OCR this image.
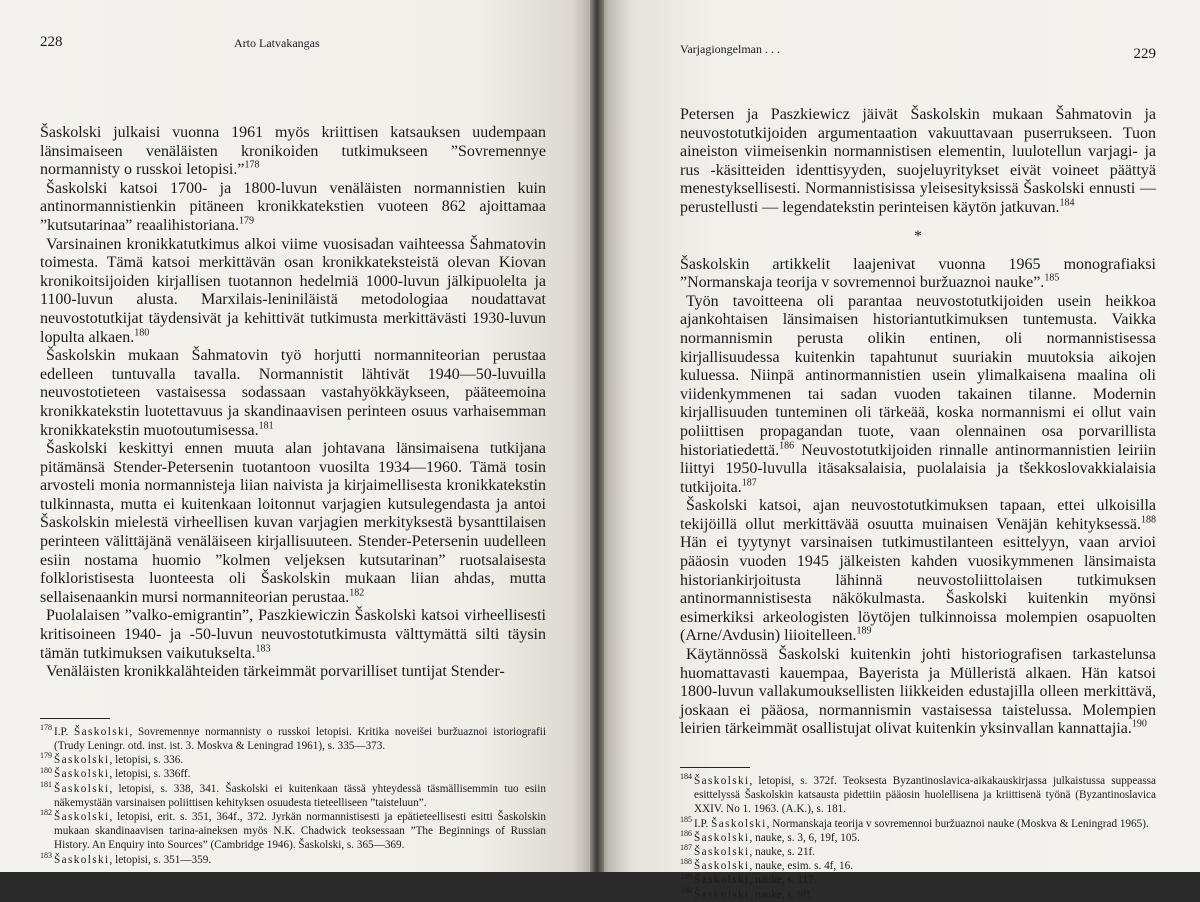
228	Arto Latvakangas

Šaskolski julkaisi vuonna 1961 myös kriittisen katsauksen uudempaan länsimaiseen venäläisten kronikoiden tutkimukseen ”Sovremennye normannisty o russkoi letopisi.”$^{178}$

Šaskolski katsoi 1700- ja 1800-luvun venäläisten normannistien kuin antinormannistienkin pitäneen kronikkatekstien vuoteen 862 ajoittamaa ”kutsutarinaa” reaalihistoriana.$^{179}$

Varsinainen kronikkatutkimus alkoi viime vuosisadan vaihteessa Šahmatovin toimesta. Tämä katsoi merkittävän osan kronikkateksteistä olevan Kiovan kronikoitsijoiden kirjallisen tuotannon hedelmiä 1000-luvun jälkipuolelta ja 1100-luvun alusta. Marxilais-leniniläistä metodologiaa noudattavat neuvostotutkijat täydensivät ja kehittivät tutkimusta merkittävästi 1930-luvun lopulta alkaen.$^{180}$

Šaskolskin mukaan Šahmatovin työ horjutti normanniteorian perustaa edelleen tuntuvalla tavalla. Normannistit lähtivät 1940—50-luvuilla neuvostotieteen vastaisessa sodassaan vastahyökkäykseen, pääteemoina kronikkatekstin luotettavuus ja skandinaavisen perinteen osuus varhaisemman kronikkatekstin muotoutumisessa.$^{181}$

Šaskolski keskittyi ennen muuta alan johtavana länsimaisena tutkijana pitämänsä Stender-Petersenin tuotantoon vuosilta 1934—1960. Tämä tosin arvosteli monia normannisteja liian naivista ja kirjaimellisesta kronikkatekstin tulkinnasta, mutta ei kuitenkaan loitonnut varjagien kutsulegendasta ja antoi Šaskolskin mielestä virheellisen kuvan varjagien merkityksestä bysanttilaisen perinteen välittäjänä venäläiseen kirjallisuuteen. Stender-Petersenin uudelleen esiin nostama huomio ”kolmen veljeksen kutsutarinan” ruotsalaisesta folkloristisesta luonteesta oli Šaskolskin mukaan liian ahdas, mutta sellaisenaankin mursi normanniteorian perustaa.$^{182}$

Puolalaisen ”valko-emigrantin”, Paszkiewiczin Šaskolski katsoi virheellisesti kritisoineen 1940- ja -50-luvun neuvostotutkimusta välttymättä silti täysin tämän tutkimuksen vaikutukselta.$^{183}$

Venäläisten kronikkalähteiden tärkeimmät porvarilliset tuntijat Stender-

$^{178}$ I.P. Šaskolski, Sovremennye normannisty o russkoi letopisi. Kritika noveišei buržuaznoi istoriografii (Trudy Leningr. otd. inst. ist. 3. Moskva & Leningrad 1961), s. 335—373.
$^{179}$ Šaskolski, letopisi, s. 336.
$^{180}$ Šaskolski, letopisi, s. 336ff.
$^{181}$ Šaskolski, letopisi, s. 338, 341. Šaskolski ei kuitenkaan tässä yhteydessä täsmällisemmin tuo esiin näkemystään varsinaisen poliittisen kehityksen osuudesta tieteelliseen ”taisteluun”.
$^{182}$ Šaskolski, letopisi, erit. s. 351, 364f., 372. Jyrkän normannistisesti ja epätieteellisesti esitti Šaskolskin mukaan skandinaavisen tarina-aineksen myös N.K. Chadwick teoksessaan ”The Beginnings of Russian History. An Enquiry into Sources” (Cambridge 1946). Šaskolski, s. 365—369.
$^{183}$ Šaskolski, letopisi, s. 351—359.
Varjagiongelman . . .	229

Petersen ja Paszkiewicz jäivät Šaskolskin mukaan Šahmatovin ja neuvostotutkijoiden argumentaation vakuuttavaan puserrukseen. Tuon aineiston viimeisenkin normannistisen elementin, luulotellun varjagi- ja rus -käsitteiden identtisyyden, suojeluyritykset eivät voineet päättyä menestyksellisesti. Normannistisissa yleisesityksissä Šaskolski ennusti — perustellusti — legendatekstin perinteisen käytön jatkuvan.$^{184}$

*

Šaskolskin artikkelit laajenivat vuonna 1965 monografiaksi ”Normanskaja teorija v sovremennoi buržuaznoi nauke”.$^{185}$

Työn tavoitteena oli parantaa neuvostotutkijoiden usein heikkoa ajankohtaisen länsimaisen historiantutkimuksen tuntemusta. Vaikka normannismin perusta olikin entinen, oli normannistisessa kirjallisuudessa kuitenkin tapahtunut suuriakin muutoksia aikojen kuluessa. Niinpä antinormannistien usein ylimalkaisena maalina oli viidenkymmenen tai sadan vuoden takainen tilanne. Modernin kirjallisuuden tunteminen oli tärkeää, koska normannismi ei ollut vain poliittisen propagandan tuote, vaan olennainen osa porvarillista historiatiedettä.$^{186}$ Neuvostotutkijoiden rinnalle antinormannistien leiriin liittyi 1950-luvulla itäsaksalaisia, puolalaisia ja tšekkoslovakkialaisia tutkijoita.$^{187}$

Šaskolski katsoi, ajan neuvostotutkimuksen tapaan, ettei ulkoisilla tekijöillä ollut merkittävää osuutta muinaisen Venäjän kehityksessä.$^{188}$ Hän ei tyytynyt varsinaisen tutkimustilanteen esittelyyn, vaan arvioi pääosin vuoden 1945 jälkeisten kahden vuosikymmenen länsimaista historiankirjoitusta lähinnä neuvostoliittolaisen tutkimuksen antinormannistisesta näkökulmasta. Šaskolski kuitenkin myönsi esimerkiksi arkeologisten löytöjen tulkinnoissa molempien osapuolten (Arne/Avdusin) liioitelleen.$^{189}$

Käytännössä Šaskolski kuitenkin johti historiografisen tarkastelunsa huomattavasti kauempaa, Bayerista ja Mülleristä alkaen. Hän katsoi 1800-luvun vallakumouksellisten liikkeiden edustajilla olleen merkittävä, joskaan ei pääosa, normannismin vastaisessa taistelussa. Molempien leirien tärkeimmät osallistujat olivat kuitenkin yksinvallan kannattajia.$^{190}$

$^{184}$ Šaskolski, letopisi, s. 372f. Teoksesta Byzantinoslavica-aikakauskirjassa julkaistussa suppeassa esittelyssä Šaskolskin katsausta pidettiin pääosin huolellisena ja kriittisenä työnä (Byzantinoslavica XXIV. No 1. 1963. (A.K.), s. 181.
$^{185}$ I.P. Šaskolski, Normanskaja teorija v sovremennoi buržuaznoi nauke (Moskva & Leningrad 1965).
$^{186}$ Šaskolski, nauke, s. 3, 6, 19f, 105.
$^{187}$ Šaskolski, nauke, s. 21f.
$^{188}$ Šaskolski, nauke, esim. s. 4f, 16.
$^{189}$ Šaskolski, nauke, s. 117.
$^{190}$ Šaskolski, nauke, s. 9ff.
